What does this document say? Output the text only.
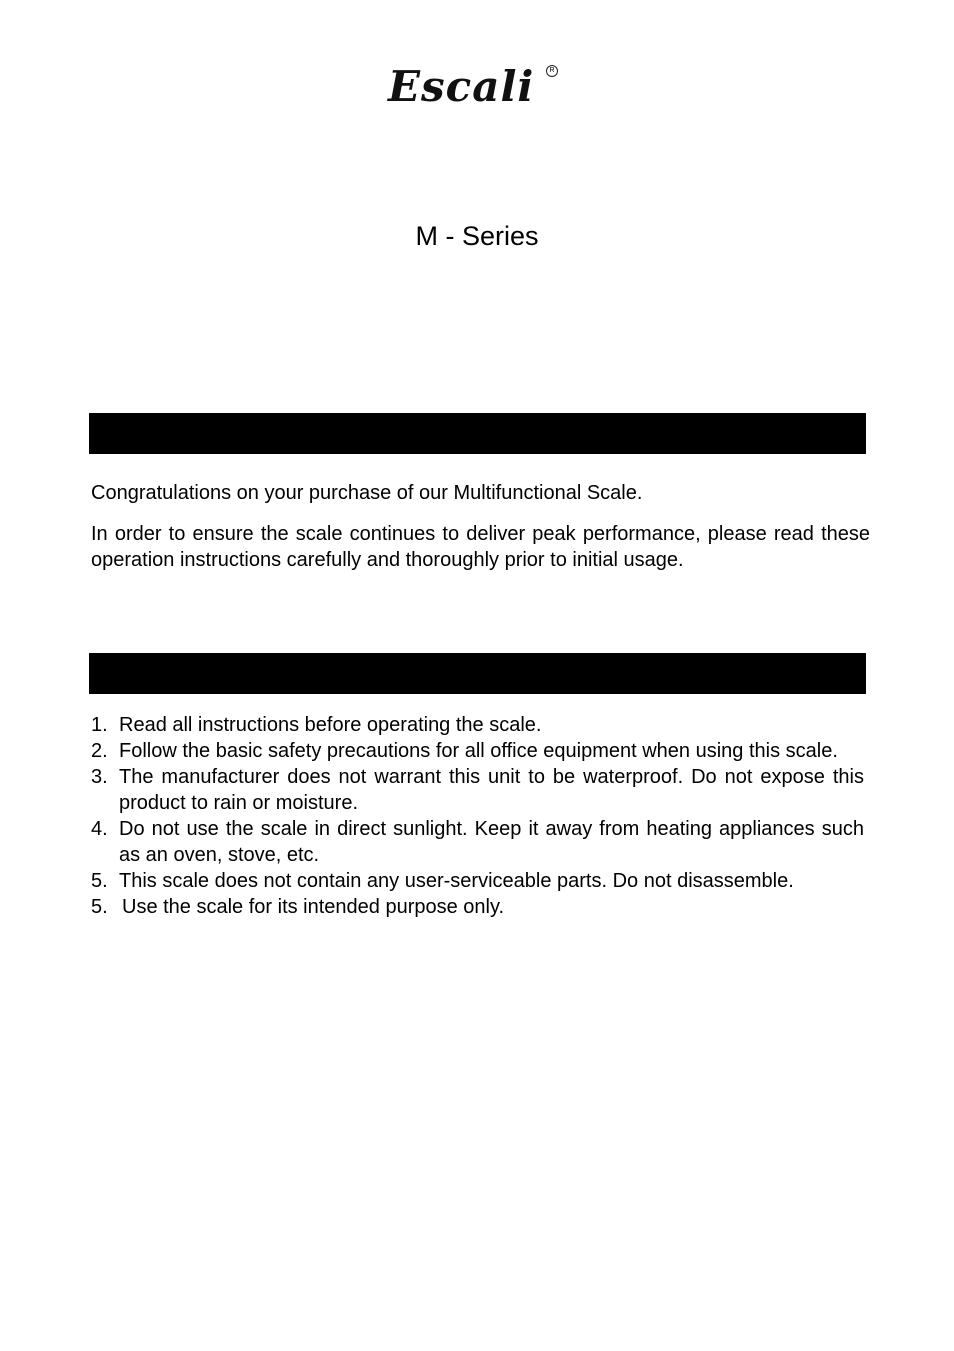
Escali	R
M - Series

Congratulations on your purchase of our Multifunctional Scale.

In order to ensure the scale continues to deliver peak performance, please read these operation instructions carefully and thoroughly prior to initial usage.

1. Read all instructions before operating the scale.
2. Follow the basic safety precautions for all office equipment when using this scale.
3. The manufacturer does not warrant this unit to be waterproof. Do not expose this product to rain or moisture.
4. Do not use the scale in direct sunlight. Keep it away from heating appliances such as an oven, stove, etc.
5. This scale does not contain any user-serviceable parts. Do not disassemble.
5. Use the scale for its intended purpose only.
